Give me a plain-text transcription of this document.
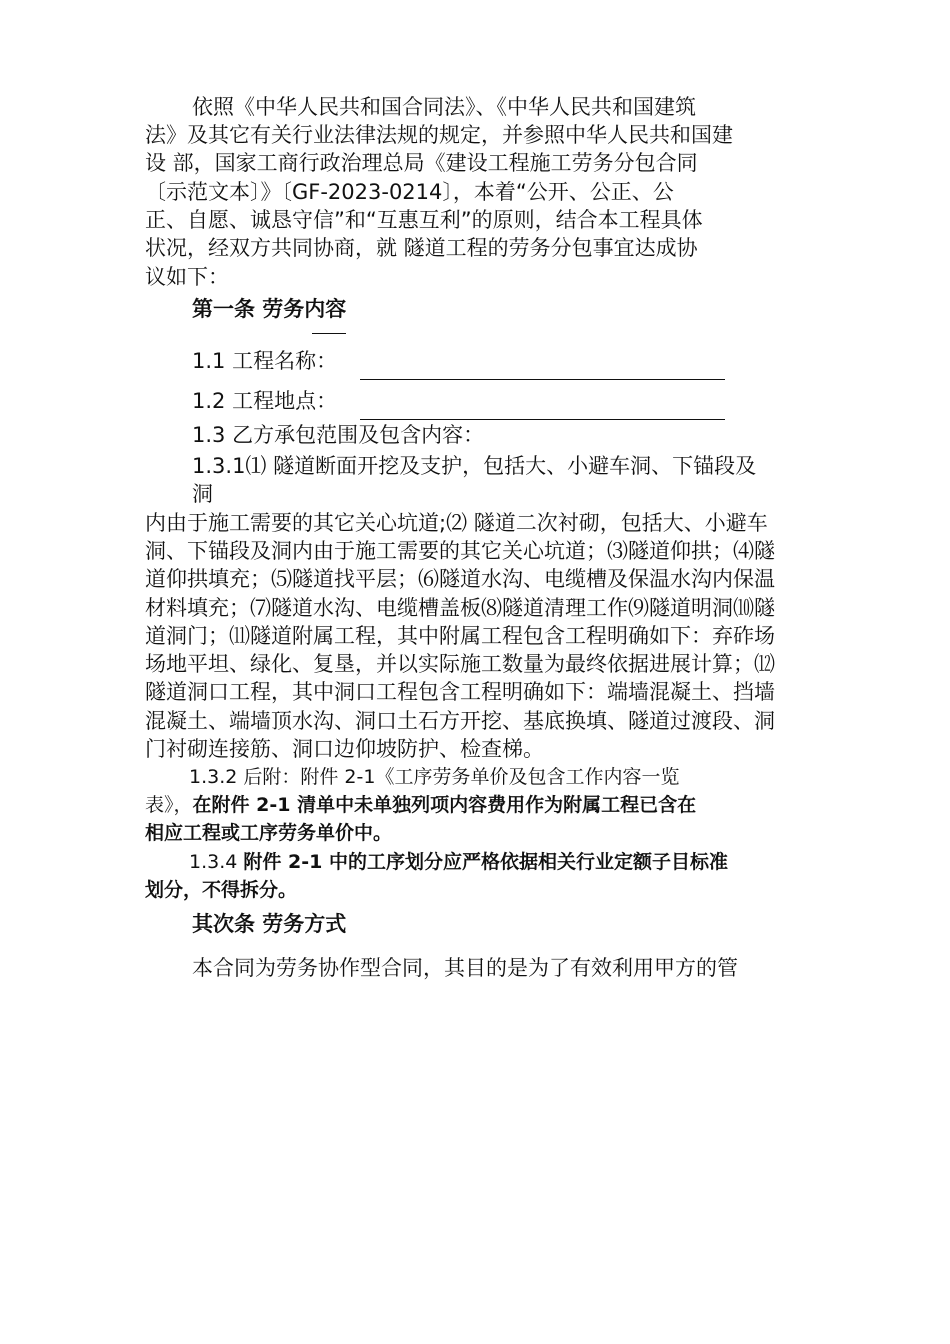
依照《中华人民共和国合同法》、《中华人民共和国建筑
法》及其它有关行业法律法规的规定，并参照中华人民共和国建
设 部，国家工商行政治理总局《建设工程施工劳务分包合同
〔示范文本〕》〔GF-2023-0214〕，本着“公开、公正、公
正、自愿、诚恳守信”和“互惠互利”的原则，结合本工程具体
状况，经双方共同协商，就 隧道工程的劳务分包事宜达成协
议如下：
第一条 劳务内容
1.1 工程名称：
1.2 工程地点：
1.3 乙方承包范围及包含内容：
1.3.1⑴ 隧道断面开挖及支护，包括大、小避车洞、下锚段及
洞
内由于施工需要的其它关心坑道;⑵ 隧道二次衬砌，包括大、小避车
洞、下锚段及洞内由于施工需要的其它关心坑道；⑶隧道仰拱；⑷隧
道仰拱填充；⑸隧道找平层；⑹隧道水沟、电缆槽及保温水沟内保温
材料填充；⑺隧道水沟、电缆槽盖板⑻隧道清理工作⑼隧道明洞⑽隧
道洞门；⑾隧道附属工程，其中附属工程包含工程明确如下：弃砟场
场地平坦、绿化、复垦，并以实际施工数量为最终依据进展计算；⑿
隧道洞口工程，其中洞口工程包含工程明确如下：端墙混凝土、挡墙
混凝土、端墙顶水沟、洞口土石方开挖、基底换填、隧道过渡段、洞
门衬砌连接筋、洞口边仰坡防护、检查梯。
1.3.2 后附：附件 2-1《工序劳务单价及包含工作内容一览
表》，在附件 2-1 清单中未单独列项内容费用作为附属工程已含在
相应工程或工序劳务单价中。
1.3.4 附件 2-1 中的工序划分应严格依据相关行业定额子目标准
划分，不得拆分。
其次条 劳务方式
本合同为劳务协作型合同，其目的是为了有效利用甲方的管
